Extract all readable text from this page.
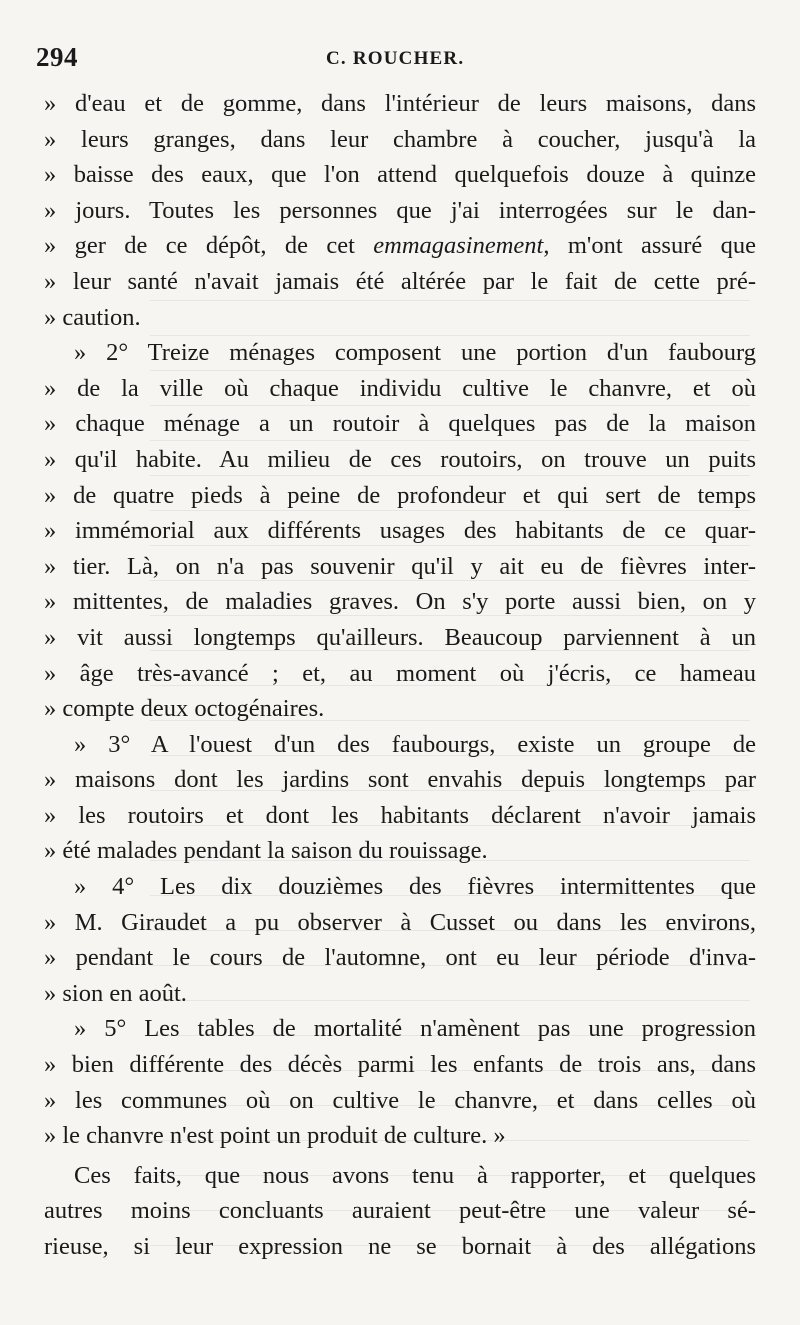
294	C. ROUCHER.
» d'eau et de gomme, dans l'intérieur de leurs maisons, dans
» leurs granges, dans leur chambre à coucher, jusqu'à la
» baisse des eaux, que l'on attend quelquefois douze à quinze
» jours. Toutes les personnes que j'ai interrogées sur le dan-
» ger de ce dépôt, de cet emmagasinement, m'ont assuré que
» leur santé n'avait jamais été altérée par le fait de cette pré-
» caution.
» 2° Treize ménages composent une portion d'un faubourg
» de la ville où chaque individu cultive le chanvre, et où
» chaque ménage a un routoir à quelques pas de la maison
» qu'il habite. Au milieu de ces routoirs, on trouve un puits
» de quatre pieds à peine de profondeur et qui sert de temps
» immémorial aux différents usages des habitants de ce quar-
» tier. Là, on n'a pas souvenir qu'il y ait eu de fièvres inter-
» mittentes, de maladies graves. On s'y porte aussi bien, on y
» vit aussi longtemps qu'ailleurs. Beaucoup parviennent à un
» âge très-avancé ; et, au moment où j'écris, ce hameau
» compte deux octogénaires.
» 3° A l'ouest d'un des faubourgs, existe un groupe de
» maisons dont les jardins sont envahis depuis longtemps par
» les routoirs et dont les habitants déclarent n'avoir jamais
» été malades pendant la saison du rouissage.
» 4° Les dix douzièmes des fièvres intermittentes que
» M. Giraudet a pu observer à Cusset ou dans les environs,
» pendant le cours de l'automne, ont eu leur période d'inva-
» sion en août.
» 5° Les tables de mortalité n'amènent pas une progression
» bien différente des décès parmi les enfants de trois ans, dans
» les communes où on cultive le chanvre, et dans celles où
» le chanvre n'est point un produit de culture. »
Ces faits, que nous avons tenu à rapporter, et quelques
autres moins concluants auraient peut-être une valeur sé-
rieuse, si leur expression ne se bornait à des allégations
